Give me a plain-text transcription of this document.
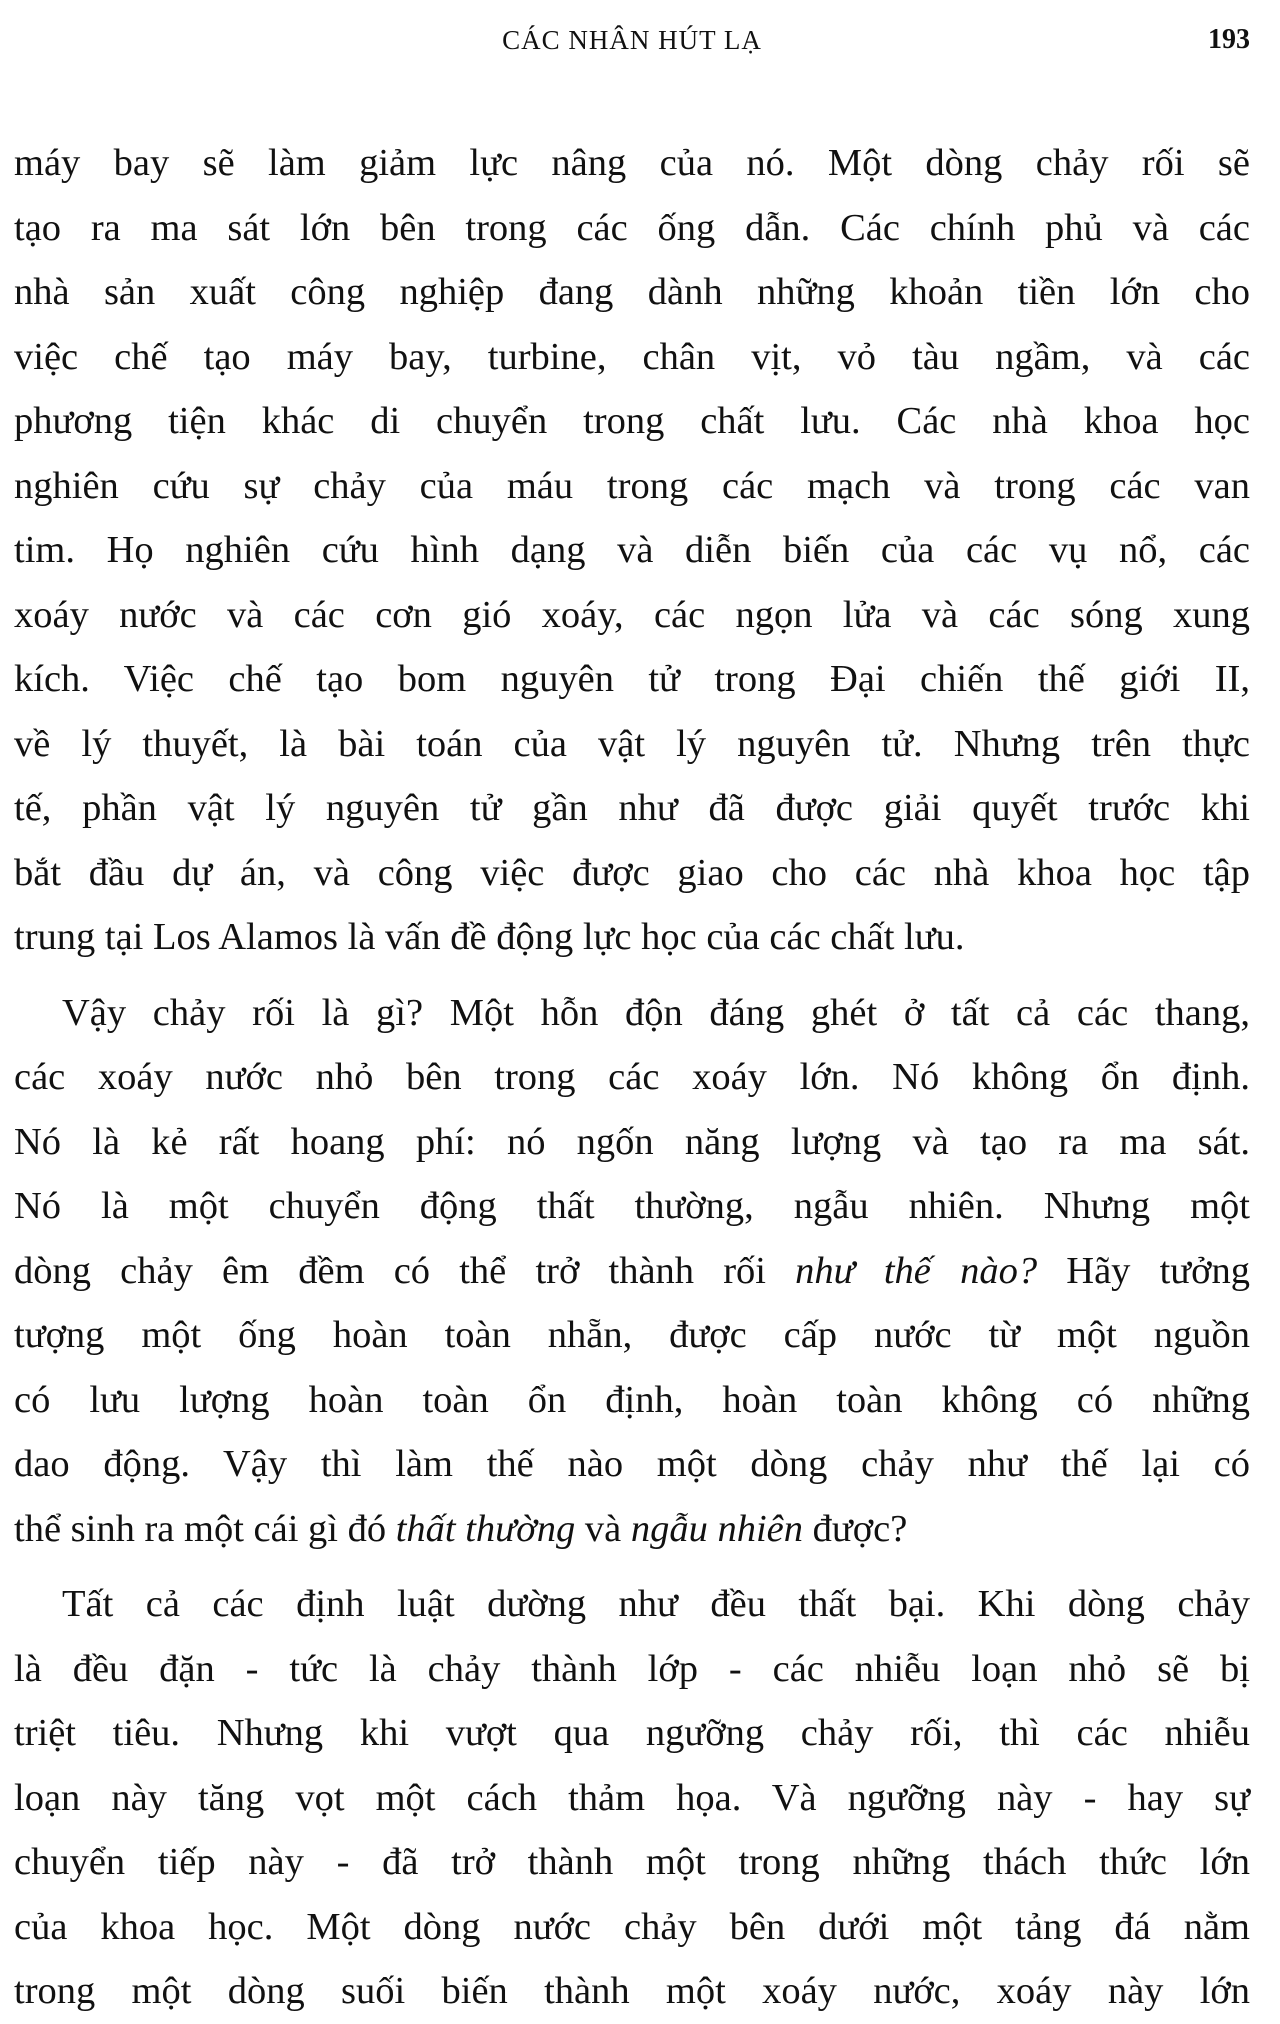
CÁC NHÂN HÚT LẠ	193
máy bay sẽ làm giảm lực nâng của nó. Một dòng chảy rối sẽ
tạo ra ma sát lớn bên trong các ống dẫn. Các chính phủ và các
nhà sản xuất công nghiệp đang dành những khoản tiền lớn cho
việc chế tạo máy bay, turbine, chân vịt, vỏ tàu ngầm, và các
phương tiện khác di chuyển trong chất lưu. Các nhà khoa học
nghiên cứu sự chảy của máu trong các mạch và trong các van
tim. Họ nghiên cứu hình dạng và diễn biến của các vụ nổ, các
xoáy nước và các cơn gió xoáy, các ngọn lửa và các sóng xung
kích. Việc chế tạo bom nguyên tử trong Đại chiến thế giới II,
về lý thuyết, là bài toán của vật lý nguyên tử. Nhưng trên thực
tế, phần vật lý nguyên tử gần như đã được giải quyết trước khi
bắt đầu dự án, và công việc được giao cho các nhà khoa học tập
trung tại Los Alamos là vấn đề động lực học của các chất lưu.
Vậy chảy rối là gì? Một hỗn độn đáng ghét ở tất cả các thang,
các xoáy nước nhỏ bên trong các xoáy lớn. Nó không ổn định.
Nó là kẻ rất hoang phí: nó ngốn năng lượng và tạo ra ma sát.
Nó là một chuyển động thất thường, ngẫu nhiên. Nhưng một
dòng chảy êm đềm có thể trở thành rối như thế nào? Hãy tưởng
tượng một ống hoàn toàn nhẵn, được cấp nước từ một nguồn
có lưu lượng hoàn toàn ổn định, hoàn toàn không có những
dao động. Vậy thì làm thế nào một dòng chảy như thế lại có
thể sinh ra một cái gì đó thất thường và ngẫu nhiên được?
Tất cả các định luật dường như đều thất bại. Khi dòng chảy
là đều đặn - tức là chảy thành lớp - các nhiễu loạn nhỏ sẽ bị
triệt tiêu. Nhưng khi vượt qua ngưỡng chảy rối, thì các nhiễu
loạn này tăng vọt một cách thảm họa. Và ngưỡng này - hay sự
chuyển tiếp này - đã trở thành một trong những thách thức lớn
của khoa học. Một dòng nước chảy bên dưới một tảng đá nằm
trong một dòng suối biến thành một xoáy nước, xoáy này lớn
